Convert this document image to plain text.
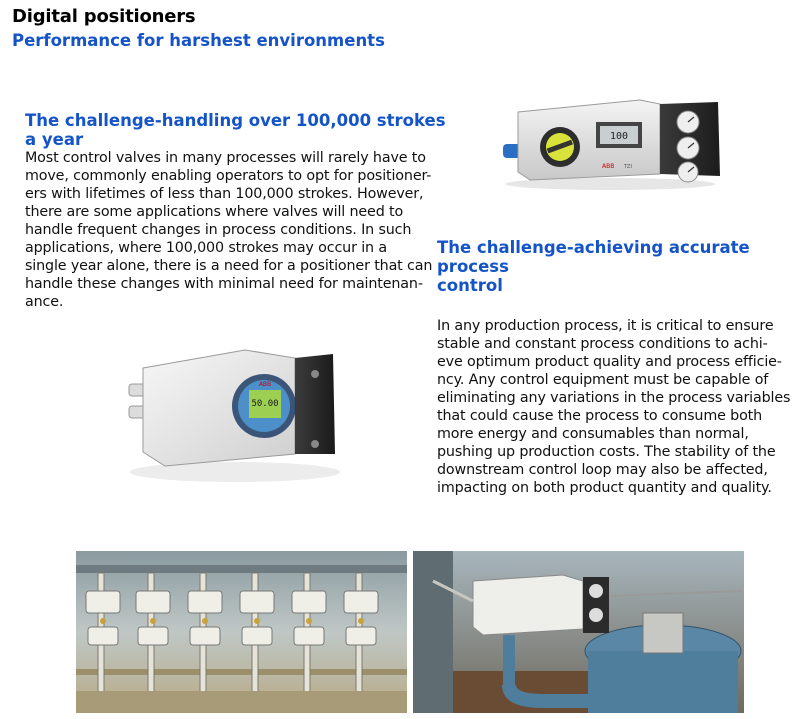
Digital positioners
Performance for harshest environments
The challenge-handling over 100,000 strokes
a year
Most control valves in many processes will rarely have to
move, commonly enabling operators to opt for positioner-
ers with lifetimes of less than 100,000 strokes. However,
there are some applications where valves will need to
handle frequent changes in process conditions. In such
applications, where 100,000 strokes may occur in a
single year alone, there is a need for a positioner that can
handle these changes with minimal need for maintenan-
ance.
The challenge-achieving accurate
process
control
In any production process, it is critical to ensure
stable and constant process conditions to achi-
eve optimum product quality and process efficie-
ncy. Any control equipment must be capable of
eliminating any variations in the process variables
that could cause the process to consume both
more energy and consumables than normal,
pushing up production costs. The stability of the
downstream control loop may also be affected,
impacting on both product quantity and quality.
100
ABB TZI
50.00
ABB
